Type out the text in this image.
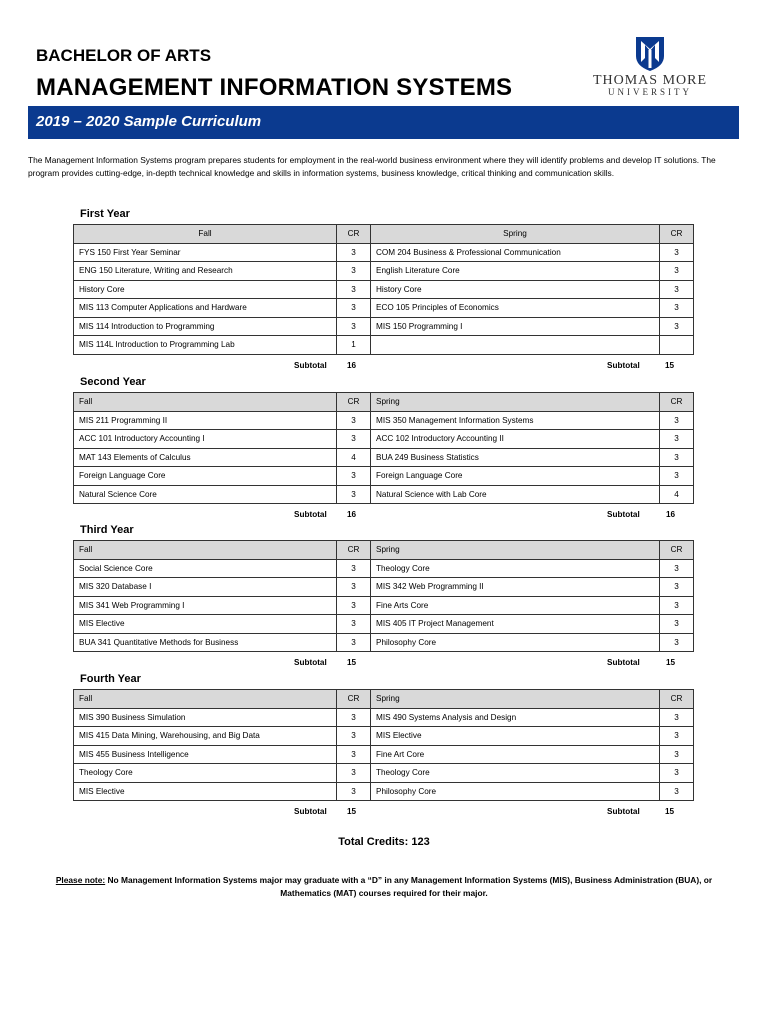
BACHELOR OF ARTS
MANAGEMENT INFORMATION SYSTEMS	THOMAS MORE
UNIVERSITY
2019 – 2020 Sample Curriculum
The Management Information Systems program prepares students for employment in the real-world business environment where they will identify problems and develop IT solutions. The program provides cutting-edge, in-depth technical knowledge and skills in information systems, business knowledge, critical thinking and communication skills.
First Year
Fall	CR	Spring	CR
FYS 150 First Year Seminar	3	COM 204 Business & Professional Communication	3
ENG 150 Literature, Writing and Research	3	English Literature Core	3
History Core	3	History Core	3
MIS 113 Computer Applications and Hardware	3	ECO 105 Principles of Economics	3
MIS 114 Introduction to Programming	3	MIS 150 Programming I	3
MIS 114L Introduction to Programming Lab	1		
Subtotal 16	Subtotal	15
Second Year
Fall	CR	Spring	CR
MIS 211 Programming II	3	MIS 350 Management Information Systems	3
ACC 101 Introductory Accounting I	3	ACC 102 Introductory Accounting II	3
MAT 143 Elements of Calculus	4	BUA 249 Business Statistics	3
Foreign Language Core	3	Foreign Language Core	3
Natural Science Core	3	Natural Science with Lab Core	4
Subtotal 16	Subtotal	16
Third Year
Fall	CR	Spring	CR
Social Science Core	3	Theology Core	3
MIS 320 Database I	3	MIS 342 Web Programming II	3
MIS 341 Web Programming I	3	Fine Arts Core	3
MIS Elective	3	MIS 405 IT Project Management	3
BUA 341 Quantitative Methods for Business	3	Philosophy Core	3
Subtotal 15	Subtotal	15
Fourth Year
Fall	CR	Spring	CR
MIS 390 Business Simulation	3	MIS 490 Systems Analysis and Design	3
MIS 415 Data Mining, Warehousing, and Big Data	3	MIS Elective	3
MIS 455 Business Intelligence	3	Fine Art Core	3
Theology Core	3	Theology Core	3
MIS Elective	3	Philosophy Core	3
Subtotal 15	Subtotal	15
Total Credits: 123
Please note: No Management Information Systems major may graduate with a “D” in any Management Information Systems (MIS), Business Administration (BUA), or Mathematics (MAT) courses required for their major.
